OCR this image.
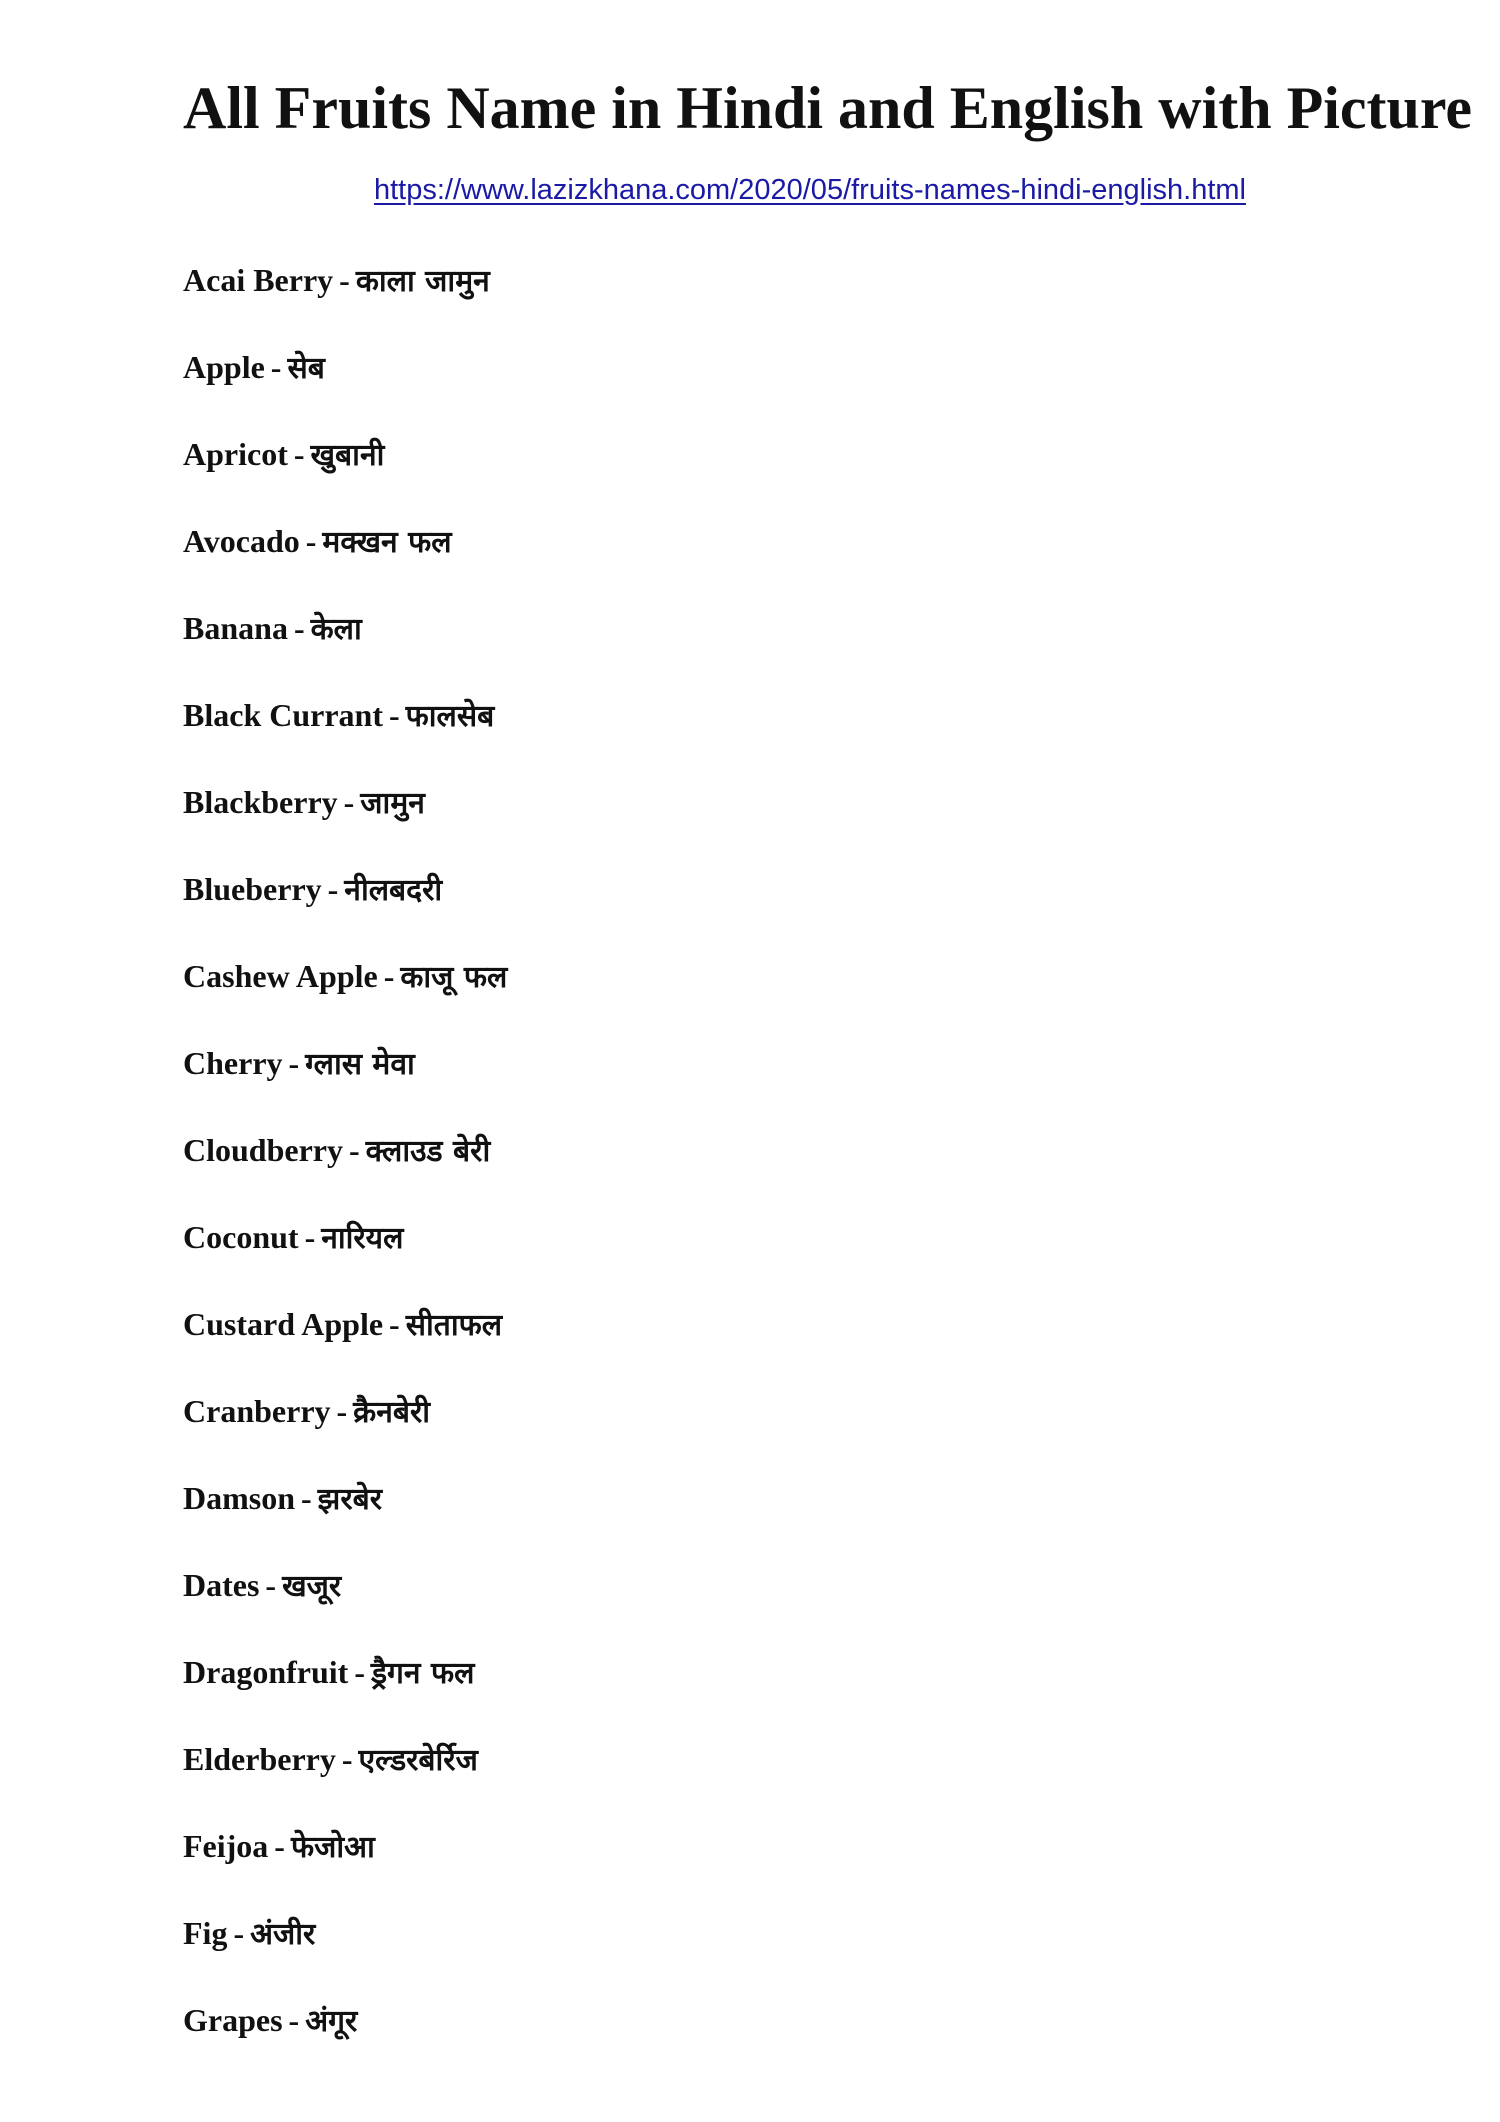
All Fruits Name in Hindi and English with Picture
https://www.lazizkhana.com/2020/05/fruits-names-hindi-english.html
Acai Berry - काला जामुन
Apple - सेब
Apricot - खुबानी
Avocado - मक्खन फल
Banana - केला
Black Currant - फालसेब
Blackberry - जामुन
Blueberry - नीलबदरी
Cashew Apple - काजू फल
Cherry - ग्लास मेवा
Cloudberry - क्लाउड बेरी
Coconut - नारियल
Custard Apple - सीताफल
Cranberry - क्रैनबेरी
Damson - झरबेर
Dates - खजूर
Dragonfruit - ड्रैगन फल
Elderberry - एल्डरबेर्रिज
Feijoa - फेजोआ
Fig - अंजीर
Grapes - अंगूर
